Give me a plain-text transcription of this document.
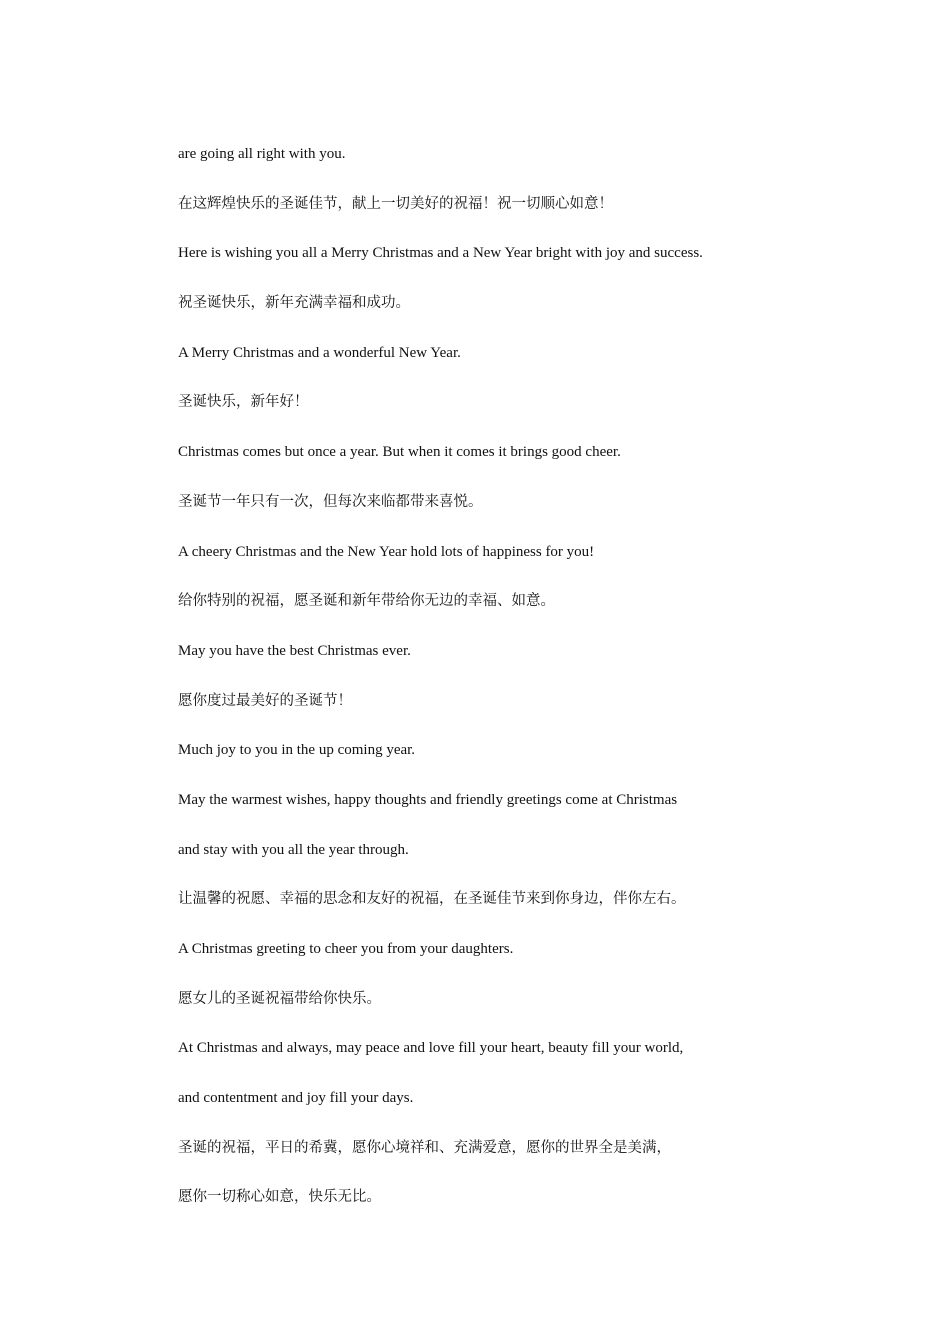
are going all right with you.
在这辉煌快乐的圣诞佳节，献上一切美好的祝福！祝一切顺心如意！
Here is wishing you all a Merry Christmas and a New Year bright with joy and success.
祝圣诞快乐，新年充满幸福和成功。
A Merry Christmas and a wonderful New Year.
圣诞快乐，新年好！
Christmas comes but once a year. But when it comes it brings good cheer.
圣诞节一年只有一次，但每次来临都带来喜悦。
A cheery Christmas and the New Year hold lots of happiness for you!
给你特别的祝福，愿圣诞和新年带给你无边的幸福、如意。
May you have the best Christmas ever.
愿你度过最美好的圣诞节！
Much joy to you in the up coming year.
May the warmest wishes, happy thoughts and friendly greetings come at Christmas
and stay with you all the year through.
让温馨的祝愿、幸福的思念和友好的祝福，在圣诞佳节来到你身边，伴你左右。
A Christmas greeting to cheer you from your daughters.
愿女儿的圣诞祝福带给你快乐。
At Christmas and always, may peace and love fill your heart, beauty fill your world,
and contentment and joy fill your days.
圣诞的祝福，平日的希冀，愿你心境祥和、充满爱意，愿你的世界全是美满，
愿你一切称心如意，快乐无比。
